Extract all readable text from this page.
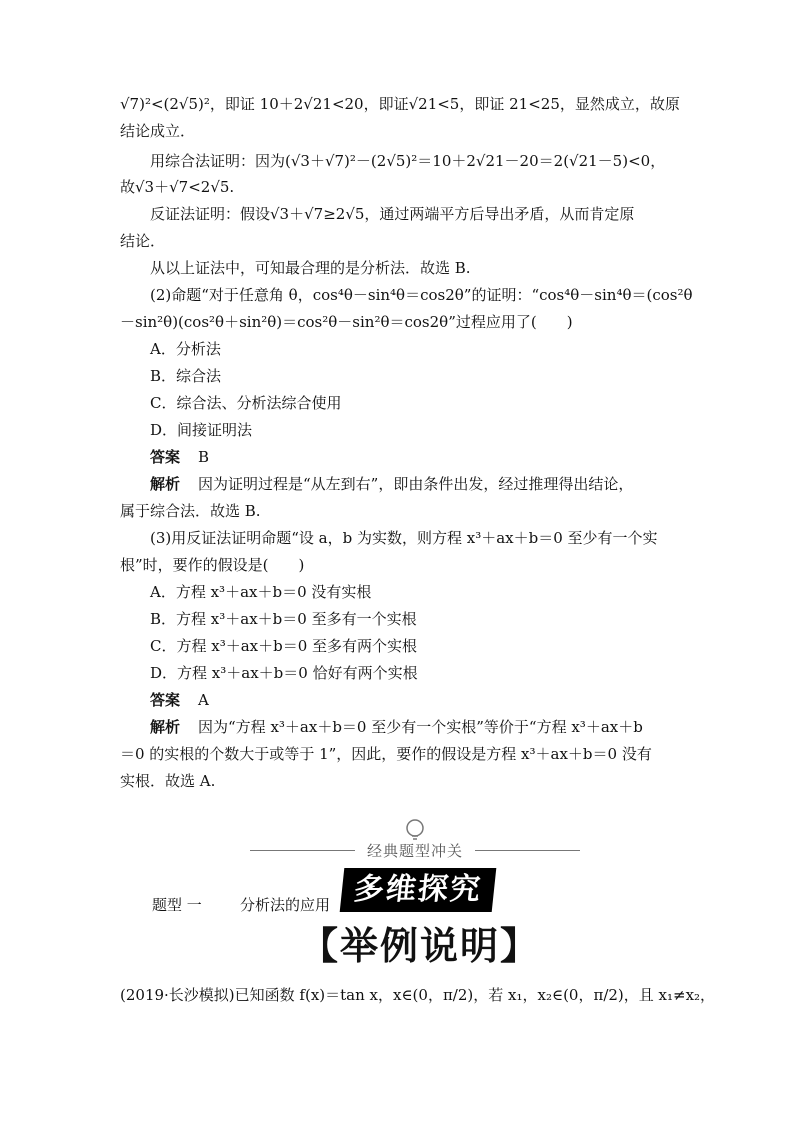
√7)²<(2√5)²，即证 10＋2√21<20，即证√21<5，即证 21<25，显然成立，故原
结论成立．
用综合法证明：因为(√3＋√7)²－(2√5)²＝10＋2√21－20＝2(√21－5)<0，
故√3＋√7<2√5.
反证法证明：假设√3＋√7≥2√5，通过两端平方后导出矛盾，从而肯定原
结论．
从以上证法中，可知最合理的是分析法．故选 B.
(2)命题“对于任意角 θ，cos⁴θ－sin⁴θ＝cos2θ”的证明：“cos⁴θ－sin⁴θ＝(cos²θ
－sin²θ)(cos²θ＋sin²θ)＝cos²θ－sin²θ＝cos2θ”过程应用了(　　)
A．分析法
B．综合法
C．综合法、分析法综合使用
D．间接证明法
答案 B
解析 因为证明过程是“从左到右”，即由条件出发，经过推理得出结论，
属于综合法．故选 B.
(3)用反证法证明命题“设 a，b 为实数，则方程 x³＋ax＋b＝0 至少有一个实
根”时，要作的假设是(　　)
A．方程 x³＋ax＋b＝0 没有实根
B．方程 x³＋ax＋b＝0 至多有一个实根
C．方程 x³＋ax＋b＝0 至多有两个实根
D．方程 x³＋ax＋b＝0 恰好有两个实根
答案 A
解析 因为“方程 x³＋ax＋b＝0 至少有一个实根”等价于“方程 x³＋ax＋b
＝0 的实根的个数大于或等于 1”，因此，要作的假设是方程 x³＋ax＋b＝0 没有
实根．故选 A.
经典题型冲关
题型 一	分析法的应用 多维探究
【举例说明】
(2019·长沙模拟)已知函数 f(x)＝tan x，x∈(0，π/2)，若 x₁，x₂∈(0，π/2)，且 x₁≠x₂，
